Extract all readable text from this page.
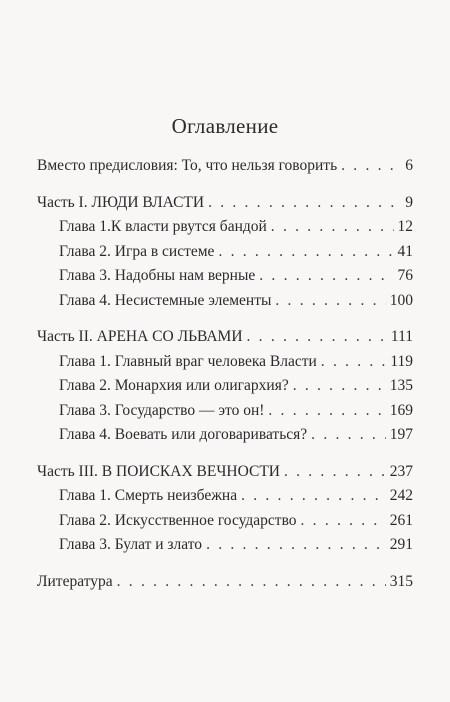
Оглавление
Вместо предисловия: То, что нельзя говорить . . .	6
Часть I. ЛЮДИ ВЛАСТИ . . .	9
Глава 1.К власти рвутся бандой . . .	12
Глава 2. Игра в системе . . .	41
Глава 3. Надобны нам верные . . .	76
Глава 4. Несистемные элементы . . .	100
Часть II. АРЕНА СО ЛЬВАМИ . . .	111
Глава 1. Главный враг человека Власти . . .	119
Глава 2. Монархия или олигархия? . . .	135
Глава 3. Государство — это он! . . .	169
Глава 4. Воевать или договариваться? . . .	197
Часть III. В ПОИСКАХ ВЕЧНОСТИ . . .	237
Глава 1. Смерть неизбежна . . .	242
Глава 2. Искусственное государство . . .	261
Глава 3. Булат и злато . . .	291
Литература . . .	315
